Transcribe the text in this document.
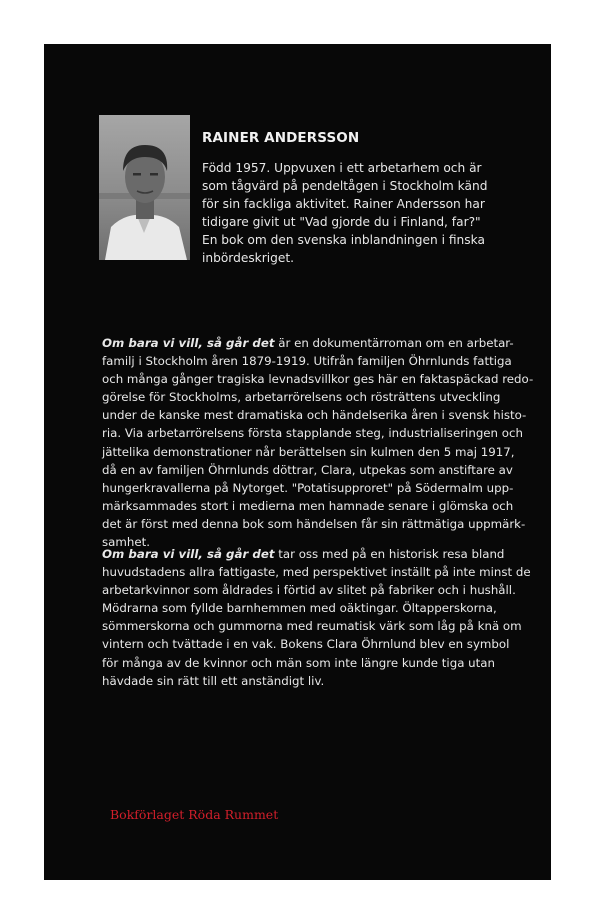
RAINER ANDERSSON
Född 1957. Uppvuxen i ett arbetarhem och är
som tågvärd på pendeltågen i Stockholm känd
för sin fackliga aktivitet. Rainer Andersson har
tidigare givit ut "Vad gjorde du i Finland, far?"
En bok om den svenska inblandningen i finska
inbördeskriget.
Om bara vi vill, så går det är en dokumentärroman om en arbetar-
familj i Stockholm åren 1879-1919. Utifrån familjen Öhrnlunds fattiga
och många gånger tragiska levnadsvillkor ges här en faktaspäckad redo-
görelse för Stockholms, arbetarrörelsens och rösträttens utveckling
under de kanske mest dramatiska och händelserika åren i svensk histo-
ria. Via arbetarrörelsens första stapplande steg, industrialiseringen och
jättelika demonstrationer når berättelsen sin kulmen den 5 maj 1917,
då en av familjen Öhrnlunds döttrar, Clara, utpekas som anstiftare av
hungerkravallerna på Nytorget. "Potatisupproret" på Södermalm upp-
märksammades stort i medierna men hamnade senare i glömska och
det är först med denna bok som händelsen får sin rättmätiga uppmärk-
samhet.
Om bara vi vill, så går det tar oss med på en historisk resa bland
huvudstadens allra fattigaste, med perspektivet inställt på inte minst de
arbetarkvinnor som åldrades i förtid av slitet på fabriker och i hushåll.
Mödrarna som fyllde barnhemmen med oäktingar. Öltapperskorna,
sömmerskorna och gummorna med reumatisk värk som låg på knä om
vintern och tvättade i en vak. Bokens Clara Öhrnlund blev en symbol
för många av de kvinnor och män som inte längre kunde tiga utan
hävdade sin rätt till ett anständigt liv.
Bokförlaget Röda Rummet
